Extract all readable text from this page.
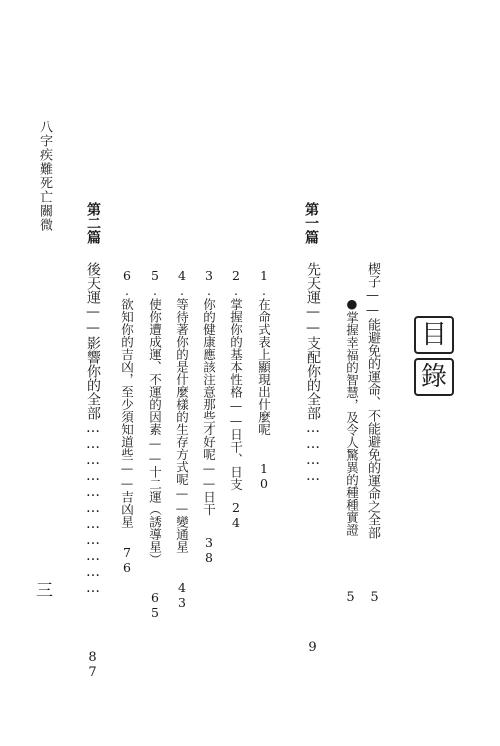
八字疾難死亡關微
三
目
錄
楔子——能避免的運命、不能避免的運命之全部
5
●掌握幸福的智慧，及令人驚異的種種實證
5
第一篇
先天運——支配你的全部…………
9
1.在命式表上顯現出什麼呢
10
2.掌握你的基本性格——日干、日支
24
3.你的健康應該注意那些才好呢——日干
38
4.等待著你的是什麼樣的生存方式呢——變通星
43
5.使你遭成運、不運的因素——十二運（誘導星）
65
6.欲知你的吉凶，至少須知道些——吉凶星
76
第二篇
後天運——影響你的全部……………………………
87
